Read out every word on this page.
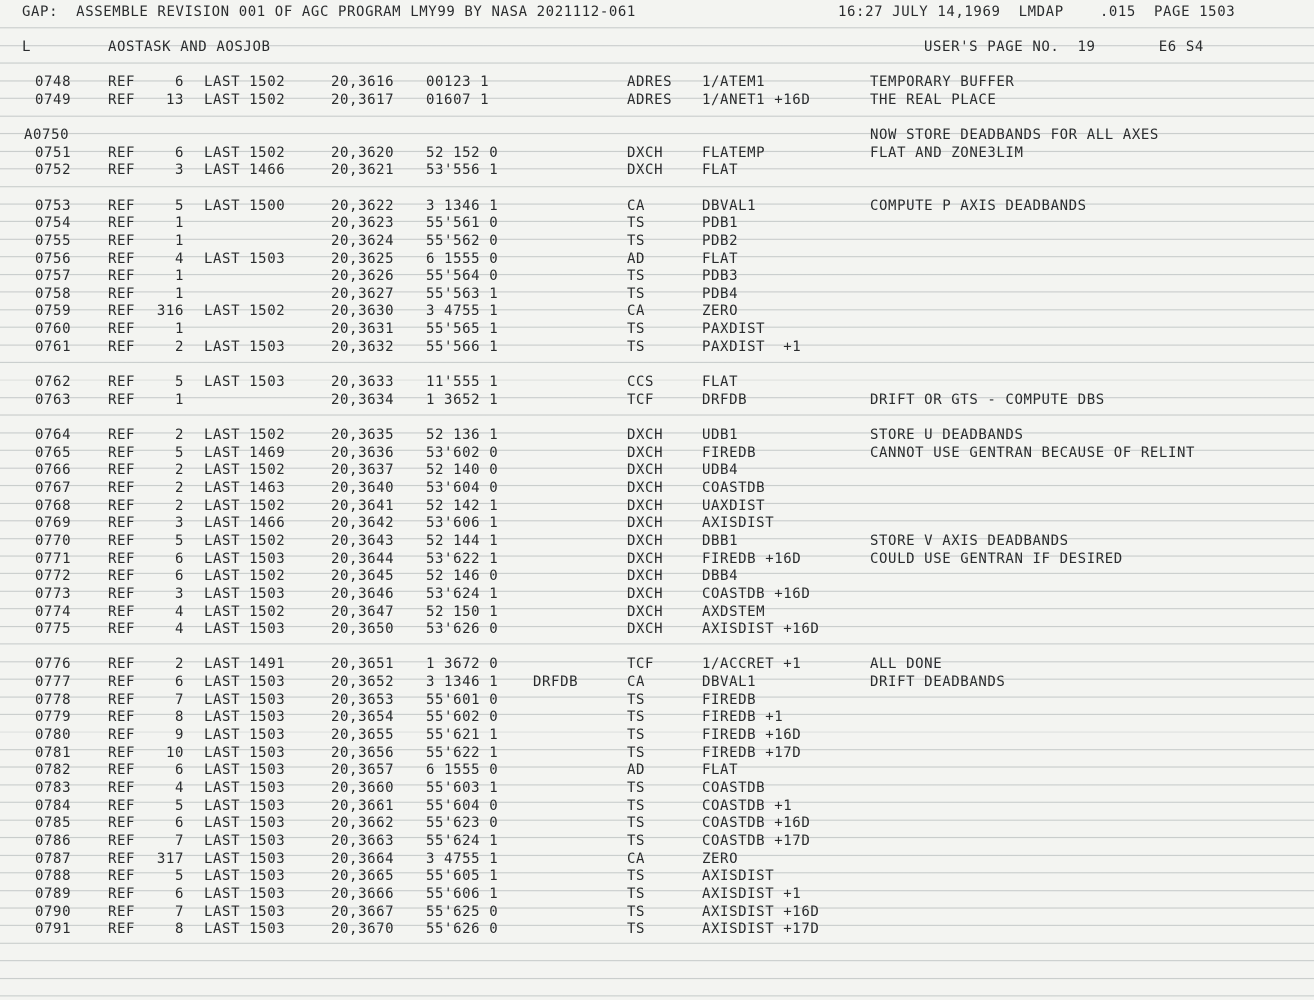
GAP:  ASSEMBLE REVISION 001 OF AGC PROGRAM LMY99 BY NASA 2021112-061

	16:27 JULY 14,1969  LMDAP    .015  PAGE 1503

L

	AOSTASK AND AOSJOB

	USER'S PAGE NO.  19       E6 S4

0748	REF	6 LAST 1502	20,3616 00123 1	ADRES 1/ATEM1	TEMPORARY BUFFER
0749	REF	13 LAST 1502	20,3617 01607 1	ADRES 1/ANET1 +16D	THE REAL PLACE
A0750	NOW STORE DEADBANDS FOR ALL AXES
0751	REF	6 LAST 1502	20,3620 52 152 0	DXCH	FLATEMP	FLAT AND ZONE3LIM
0752	REF	3 LAST 1466	20,3621 53'556 1	DXCH	FLAT
0753	REF	5 LAST 1500	20,3622 3 1346 1	CA	DBVAL1	COMPUTE P AXIS DEADBANDS
0754	REF	1	20,3623 55'561 0	TS	PDB1
0755	REF	1	20,3624 55'562 0	TS	PDB2
0756	REF	4 LAST 1503	20,3625 6 1555 0	AD	FLAT
0757	REF	1	20,3626 55'564 0	TS	PDB3
0758	REF	1	20,3627 55'563 1	TS	PDB4
0759	REF	316 LAST 1502	20,3630 3 4755 1	CA	ZERO
0760	REF	1	20,3631 55'565 1	TS	PAXDIST
0761	REF	2 LAST 1503	20,3632 55'566 1	TS	PAXDIST  +1
0762	REF	5 LAST 1503	20,3633 11'555 1	CCS	FLAT
0763	REF	1	20,3634 1 3652 1	TCF	DRFDB	DRIFT OR GTS - COMPUTE DBS
0764	REF	2 LAST 1502	20,3635 52 136 1	DXCH	UDB1	STORE U DEADBANDS
0765	REF	5 LAST 1469	20,3636 53'602 0	DXCH	FIREDB	CANNOT USE GENTRAN BECAUSE OF RELINT
0766	REF	2 LAST 1502	20,3637 52 140 0	DXCH	UDB4
0767	REF	2 LAST 1463	20,3640 53'604 0	DXCH	COASTDB
0768	REF	2 LAST 1502	20,3641 52 142 1	DXCH	UAXDIST
0769	REF	3 LAST 1466	20,3642 53'606 1	DXCH	AXISDIST
0770	REF	5 LAST 1502	20,3643 52 144 1	DXCH	DBB1	STORE V AXIS DEADBANDS
0771	REF	6 LAST 1503	20,3644 53'622 1	DXCH	FIREDB +16D	COULD USE GENTRAN IF DESIRED
0772	REF	6 LAST 1502	20,3645 52 146 0	DXCH	DBB4
0773	REF	3 LAST 1503	20,3646 53'624 1	DXCH	COASTDB +16D
0774	REF	4 LAST 1502	20,3647 52 150 1	DXCH	AXDSTEM
0775	REF	4 LAST 1503	20,3650 53'626 0	DXCH	AXISDIST +16D
0776	REF	2 LAST 1491	20,3651 1 3672 0	TCF	1/ACCRET +1	ALL DONE
0777	REF	6 LAST 1503	20,3652 3 1346 1 DRFDB	CA	DBVAL1	DRIFT DEADBANDS
0778	REF	7 LAST 1503	20,3653 55'601 0	TS	FIREDB
0779	REF	8 LAST 1503	20,3654 55'602 0	TS	FIREDB +1
0780	REF	9 LAST 1503	20,3655 55'621 1	TS	FIREDB +16D
0781	REF	10 LAST 1503	20,3656 55'622 1	TS	FIREDB +17D
0782	REF	6 LAST 1503	20,3657 6 1555 0	AD	FLAT
0783	REF	4 LAST 1503	20,3660 55'603 1	TS	COASTDB
0784	REF	5 LAST 1503	20,3661 55'604 0	TS	COASTDB +1
0785	REF	6 LAST 1503	20,3662 55'623 0	TS	COASTDB +16D
0786	REF	7 LAST 1503	20,3663 55'624 1	TS	COASTDB +17D
0787	REF	317 LAST 1503	20,3664 3 4755 1	CA	ZERO
0788	REF	5 LAST 1503	20,3665 55'605 1	TS	AXISDIST
0789	REF	6 LAST 1503	20,3666 55'606 1	TS	AXISDIST +1
0790	REF	7 LAST 1503	20,3667 55'625 0	TS	AXISDIST +16D
0791	REF	8 LAST 1503	20,3670 55'626 0	TS	AXISDIST +17D
